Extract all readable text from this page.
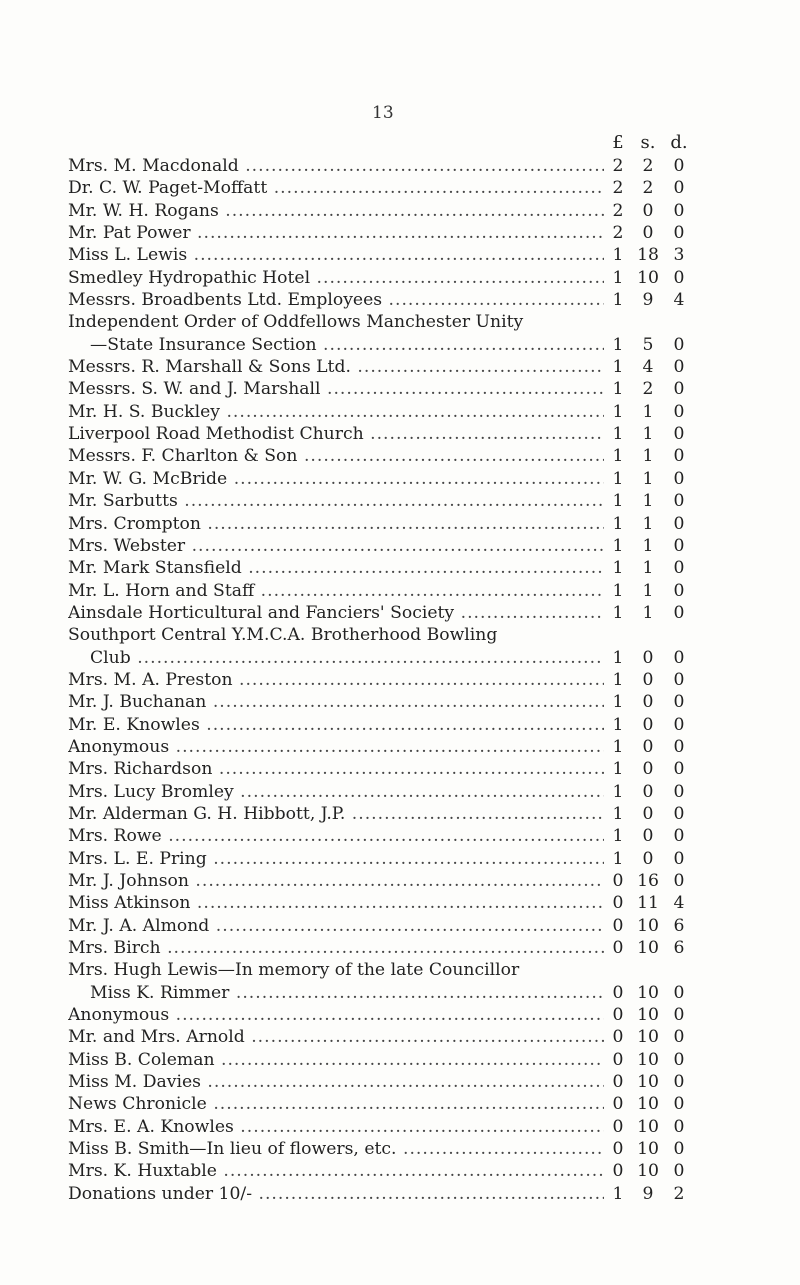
13
£ s. d.
Mrs. M. Macdonald .....	2	2	0
Dr. C. W. Paget-Moffatt .....	2	2	0
Mr. W. H. Rogans .....	2	0	0
Mr. Pat Power .....	2	0	0
Miss L. Lewis .....	1 18 3
Smedley Hydropathic Hotel .....	1 10 0
Messrs. Broadbents Ltd. Employees .....	1	9	4
Independent Order of Oddfellows Manchester Unity
—State Insurance Section .....	1	5	0
Messrs. R. Marshall & Sons Ltd. .....	1	4	0
Messrs. S. W. and J. Marshall .....	1	2	0
Mr. H. S. Buckley .....	1	1	0
Liverpool Road Methodist Church .....	1	1	0
Messrs. F. Charlton & Son .....	1	1	0
Mr. W. G. McBride .....	1	1	0
Mr. Sarbutts .....	1	1	0
Mrs. Crompton .....	1	1	0
Mrs. Webster .....	1	1	0
Mr. Mark Stansfield .....	1	1	0
Mr. L. Horn and Staff .....	1	1	0
Ainsdale Horticultural and Fanciers' Society .....	1	1	0
Southport Central Y.M.C.A. Brotherhood Bowling
Club .....	1	0	0
Mrs. M. A. Preston .....	1	0	0
Mr. J. Buchanan .....	1	0	0
Mr. E. Knowles .....	1	0	0
Anonymous .....	1	0	0
Mrs. Richardson .....	1	0	0
Mrs. Lucy Bromley .....	1	0	0
Mr. Alderman G. H. Hibbott, J.P. .....	1	0	0
Mrs. Rowe .....	1	0	0
Mrs. L. E. Pring .....	1	0	0
Mr. J. Johnson .....	0 16 0
Miss Atkinson .....	0 11 4
Mr. J. A. Almond .....	0 10 6
Mrs. Birch .....	0 10 6
Mrs. Hugh Lewis—In memory of the late Councillor
Miss K. Rimmer .....	0 10 0
Anonymous .....	0 10 0
Mr. and Mrs. Arnold .....	0 10 0
Miss B. Coleman .....	0 10 0
Miss M. Davies .....	0 10 0
News Chronicle .....	0 10 0
Mrs. E. A. Knowles .....	0 10 0
Miss B. Smith—In lieu of flowers, etc. .....	0 10 0
Mrs. K. Huxtable .....	0 10 0
Donations under 10/- .....	1	9	2
